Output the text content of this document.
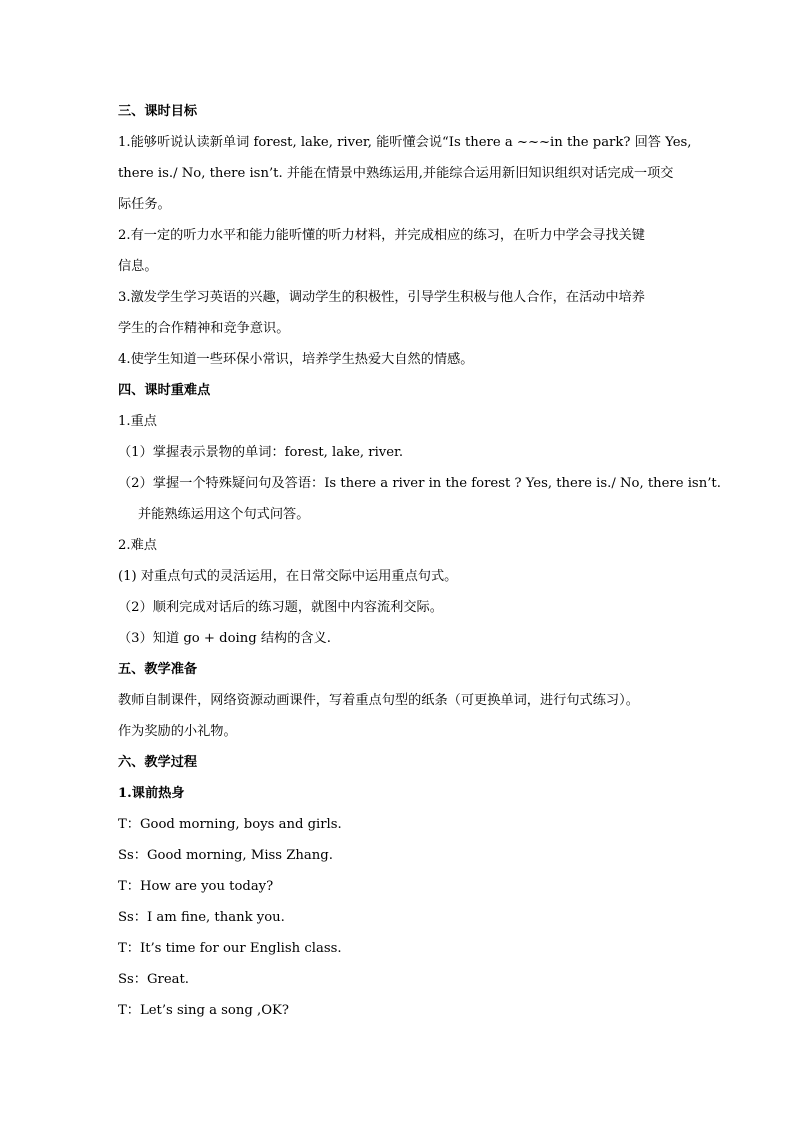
三、课时目标
1.能够听说认读新单词 forest, lake, river, 能听懂会说“Is there a ~~~in the park? 回答 Yes,
there is./ No, there isn’t. 并能在情景中熟练运用,并能综合运用新旧知识组织对话完成一项交
际任务。
2.有一定的听力水平和能力能听懂的听力材料，并完成相应的练习，在听力中学会寻找关键
信息。
3.激发学生学习英语的兴趣，调动学生的积极性，引导学生积极与他人合作，在活动中培养
学生的合作精神和竞争意识。
4.使学生知道一些环保小常识，培养学生热爱大自然的情感。
四、课时重难点
1.重点
（1）掌握表示景物的单词：forest, lake, river.
（2）掌握一个特殊疑问句及答语：Is there a river in the forest ? Yes, there is./ No, there isn’t.
并能熟练运用这个句式问答。
2.难点
(1) 对重点句式的灵活运用，在日常交际中运用重点句式。
（2）顺利完成对话后的练习题，就图中内容流利交际。
（3）知道 go + doing 结构的含义.
五、教学准备
教师自制课件，网络资源动画课件，写着重点句型的纸条（可更换单词，进行句式练习）。
作为奖励的小礼物。
六、教学过程
1.课前热身
T：Good morning, boys and girls.
Ss：Good morning, Miss Zhang.
T：How are you today?
Ss：I am fine, thank you.
T：It’s time for our English class.
Ss：Great.
T：Let’s sing a song ,OK?
